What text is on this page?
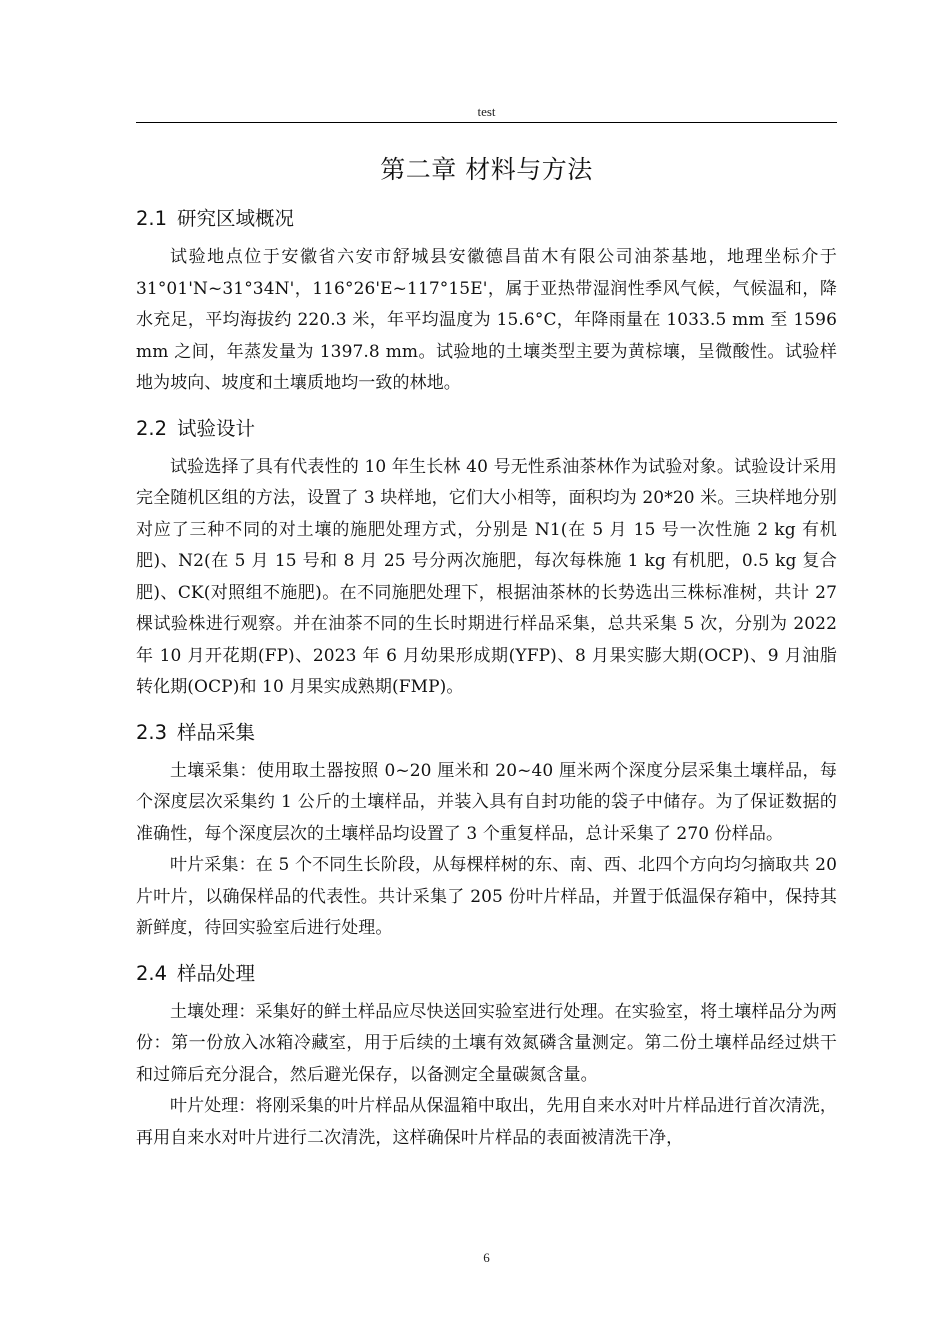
test
第二章 材料与方法
2.1 研究区域概况

试验地点位于安徽省六安市舒城县安徽德昌苗木有限公司油茶基地，地理坐标介于 31°01'N~31°34N'，116°26'E~117°15E'，属于亚热带湿润性季风气候，气候温和，降水充足，平均海拔约 220.3 米，年平均温度为 15.6°C，年降雨量在 1033.5 mm 至 1596 mm 之间，年蒸发量为 1397.8 mm。试验地的土壤类型主要为黄棕壤，呈微酸性。试验样地为坡向、坡度和土壤质地均一致的林地。

2.2 试验设计

试验选择了具有代表性的 10 年生长林 40 号无性系油茶林作为试验对象。试验设计采用完全随机区组的方法，设置了 3 块样地，它们大小相等，面积均为 20*20 米。三块样地分别对应了三种不同的对土壤的施肥处理方式，分别是 N1(在 5 月 15 号一次性施 2 kg 有机肥)、N2(在 5 月 15 号和 8 月 25 号分两次施肥，每次每株施 1 kg 有机肥，0.5 kg 复合肥)、CK(对照组不施肥)。在不同施肥处理下，根据油茶林的长势选出三株标准树，共计 27 棵试验株进行观察。并在油茶不同的生长时期进行样品采集，总共采集 5 次，分别为 2022 年 10 月开花期(FP)、2023 年 6 月幼果形成期(YFP)、8 月果实膨大期(OCP)、9 月油脂转化期(OCP)和 10 月果实成熟期(FMP)。

2.3 样品采集

土壤采集：使用取土器按照 0~20 厘米和 20~40 厘米两个深度分层采集土壤样品，每个深度层次采集约 1 公斤的土壤样品，并装入具有自封功能的袋子中储存。为了保证数据的准确性，每个深度层次的土壤样品均设置了 3 个重复样品，总计采集了 270 份样品。

叶片采集：在 5 个不同生长阶段，从每棵样树的东、南、西、北四个方向均匀摘取共 20 片叶片，以确保样品的代表性。共计采集了 205 份叶片样品，并置于低温保存箱中，保持其新鲜度，待回实验室后进行处理。

2.4 样品处理

土壤处理：采集好的鲜土样品应尽快送回实验室进行处理。在实验室，将土壤样品分为两份：第一份放入冰箱冷藏室，用于后续的土壤有效氮磷含量测定。第二份土壤样品经过烘干和过筛后充分混合，然后避光保存，以备测定全量碳氮含量。

叶片处理：将刚采集的叶片样品从保温箱中取出，先用自来水对叶片样品进行首次清洗，再用自来水对叶片进行二次清洗，这样确保叶片样品的表面被清洗干净，

6
